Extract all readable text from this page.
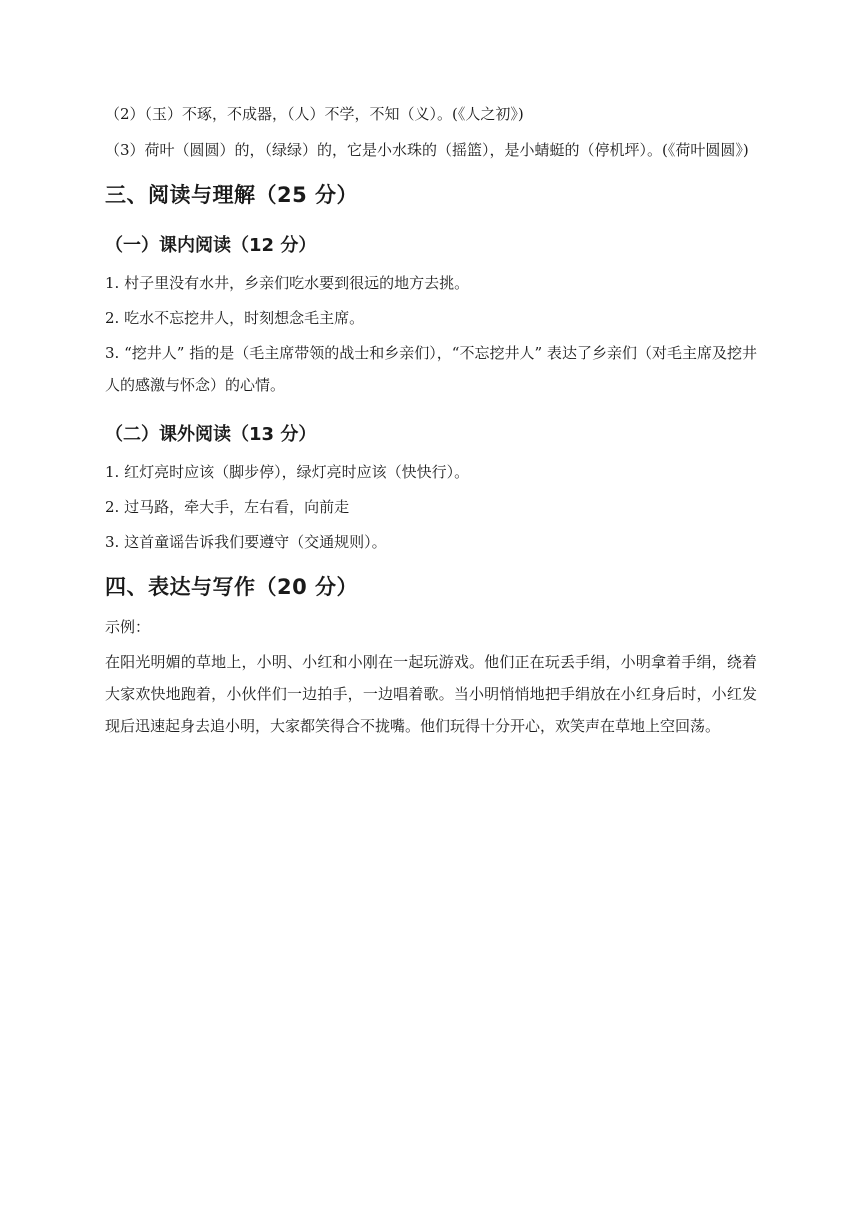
（2）（玉）不琢，不成器，（人）不学，不知（义）。(《人之初》)

（3）荷叶（圆圆）的，（绿绿）的，它是小水珠的（摇篮），是小蜻蜓的（停机坪）。(《荷叶圆圆》)

三、阅读与理解（25 分）

（一）课内阅读（12 分）

1. 村子里没有水井，乡亲们吃水要到很远的地方去挑。

2. 吃水不忘挖井人，时刻想念毛主席。

3. “挖井人” 指的是（毛主席带领的战士和乡亲们），“不忘挖井人” 表达了乡亲们（对毛主席及挖井人的感激与怀念）的心情。

（二）课外阅读（13 分）

1. 红灯亮时应该（脚步停），绿灯亮时应该（快快行）。

2. 过马路，牵大手，左右看，向前走

3. 这首童谣告诉我们要遵守（交通规则）。

四、表达与写作（20 分）

示例：

在阳光明媚的草地上，小明、小红和小刚在一起玩游戏。他们正在玩丢手绢，小明拿着手绢，绕着大家欢快地跑着，小伙伴们一边拍手，一边唱着歌。当小明悄悄地把手绢放在小红身后时，小红发现后迅速起身去追小明，大家都笑得合不拢嘴。他们玩得十分开心，欢笑声在草地上空回荡。
